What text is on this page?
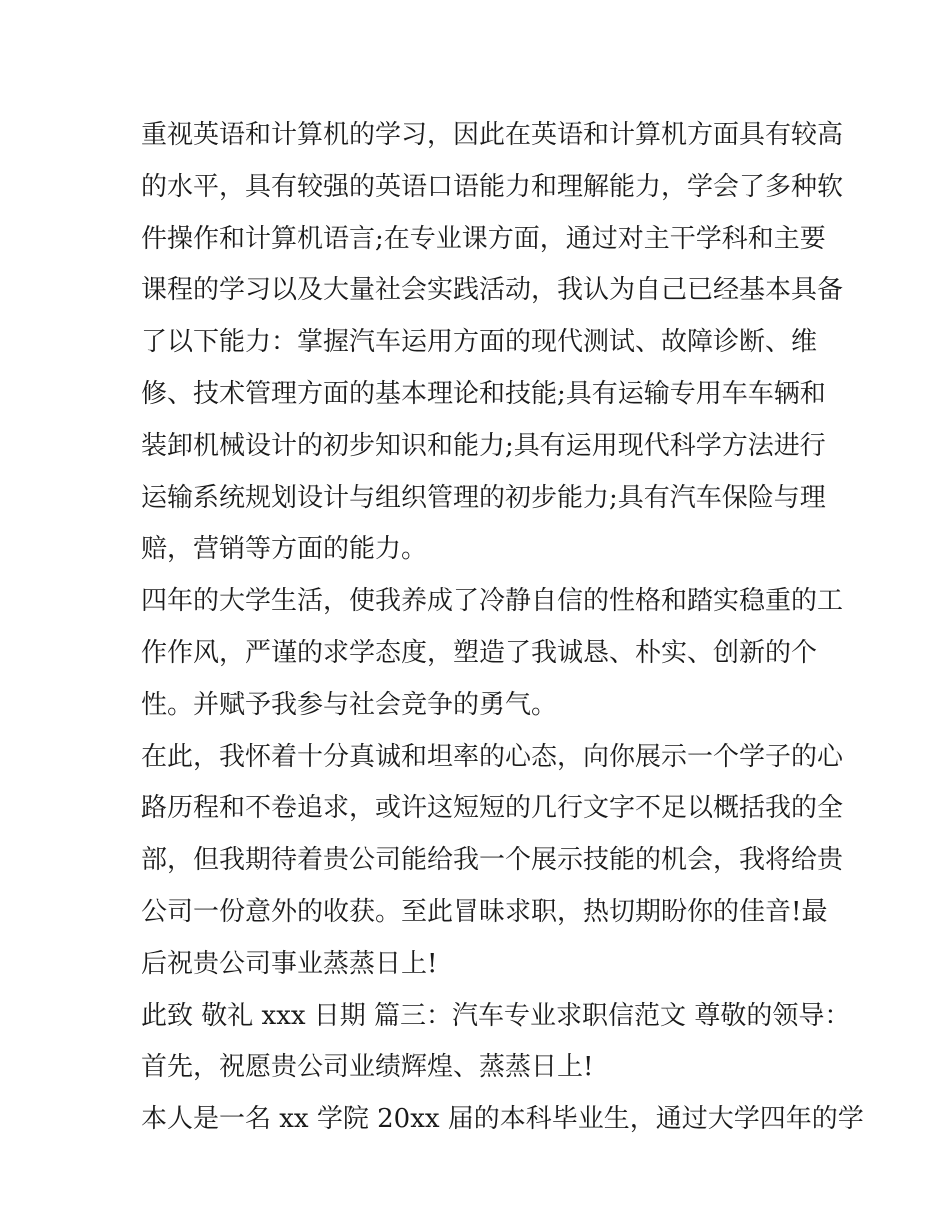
重视英语和计算机的学习，因此在英语和计算机方面具有较高
的水平，具有较强的英语口语能力和理解能力，学会了多种软
件操作和计算机语言;在专业课方面，通过对主干学科和主要
课程的学习以及大量社会实践活动，我认为自己已经基本具备
了以下能力：掌握汽车运用方面的现代测试、故障诊断、维
修、技术管理方面的基本理论和技能;具有运输专用车车辆和
装卸机械设计的初步知识和能力;具有运用现代科学方法进行
运输系统规划设计与组织管理的初步能力;具有汽车保险与理
赔，营销等方面的能力。
四年的大学生活，使我养成了冷静自信的性格和踏实稳重的工
作作风，严谨的求学态度，塑造了我诚恳、朴实、创新的个
性。并赋予我参与社会竞争的勇气。
在此，我怀着十分真诚和坦率的心态，向你展示一个学子的心
路历程和不卷追求，或许这短短的几行文字不足以概括我的全
部，但我期待着贵公司能给我一个展示技能的机会，我将给贵
公司一份意外的收获。至此冒昧求职，热切期盼你的佳音!最
后祝贵公司事业蒸蒸日上!
此致 敬礼 xxx 日期 篇三：汽车专业求职信范文 尊敬的领导：
首先，祝愿贵公司业绩辉煌、蒸蒸日上!
本人是一名 xx 学院 20xx 届的本科毕业生，通过大学四年的学
